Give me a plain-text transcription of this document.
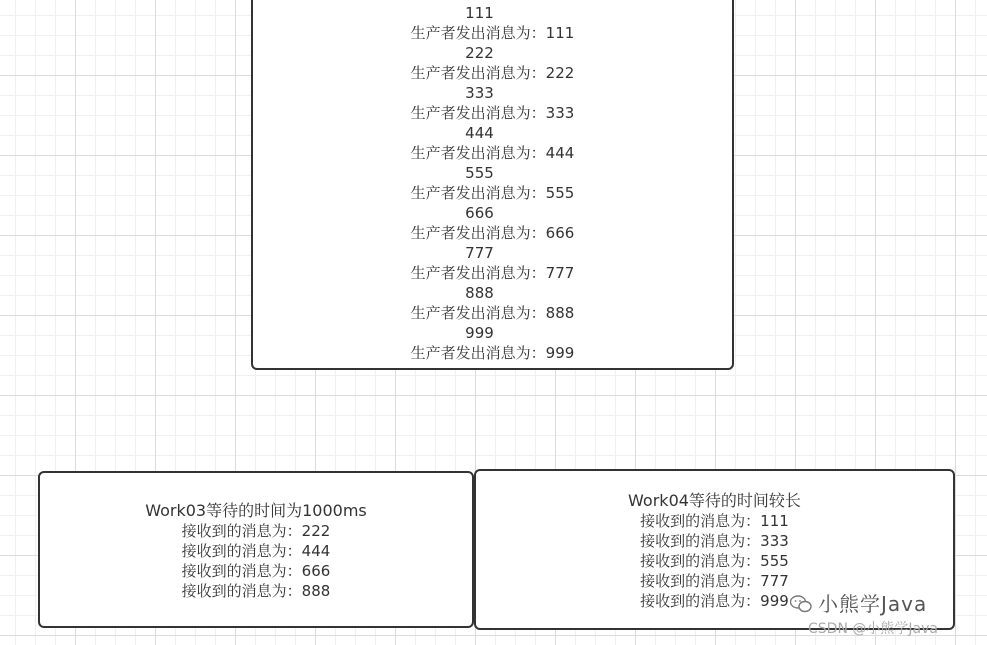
111
生产者发出消息为：111
222
生产者发出消息为：222
333
生产者发出消息为：333
444
生产者发出消息为：444
555
生产者发出消息为：555
666
生产者发出消息为：666
777
生产者发出消息为：777
888
生产者发出消息为：888
999
生产者发出消息为：999
Work03等待的时间为1000ms
接收到的消息为：222
接收到的消息为：444
接收到的消息为：666
接收到的消息为：888
Work04等待的时间较长
接收到的消息为：111
接收到的消息为：333
接收到的消息为：555
接收到的消息为：777
接收到的消息为：999	小熊学Java
CSDN @小熊学Java
